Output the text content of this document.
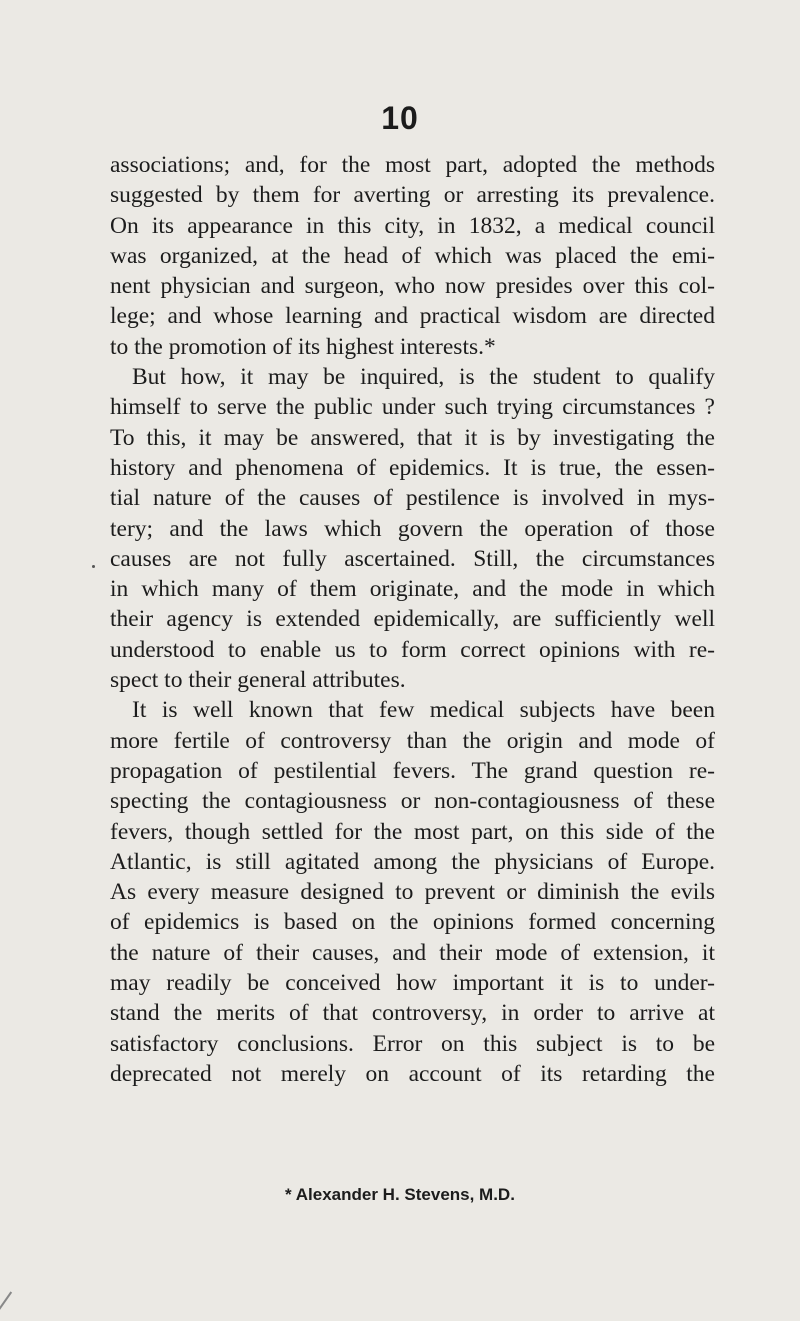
10
associations; and, for the most part, adopted the methods
suggested by them for averting or arresting its prevalence.
On its appearance in this city, in 1832, a medical council
was organized, at the head of which was placed the emi-
nent physician and surgeon, who now presides over this col-
lege; and whose learning and practical wisdom are directed
to the promotion of its highest interests.*
But how, it may be inquired, is the student to qualify
himself to serve the public under such trying circumstances ?
To this, it may be answered, that it is by investigating the
history and phenomena of epidemics. It is true, the essen-
tial nature of the causes of pestilence is involved in mys-
tery; and the laws which govern the operation of those
causes are not fully ascertained. Still, the circumstances
in which many of them originate, and the mode in which
their agency is extended epidemically, are sufficiently well
understood to enable us to form correct opinions with re-
spect to their general attributes.
It is well known that few medical subjects have been
more fertile of controversy than the origin and mode of
propagation of pestilential fevers. The grand question re-
specting the contagiousness or non-contagiousness of these
fevers, though settled for the most part, on this side of the
Atlantic, is still agitated among the physicians of Europe.
As every measure designed to prevent or diminish the evils
of epidemics is based on the opinions formed concerning
the nature of their causes, and their mode of extension, it
may readily be conceived how important it is to under-
stand the merits of that controversy, in order to arrive at
satisfactory conclusions. Error on this subject is to be
deprecated not merely on account of its retarding the
* Alexander H. Stevens, M.D.
